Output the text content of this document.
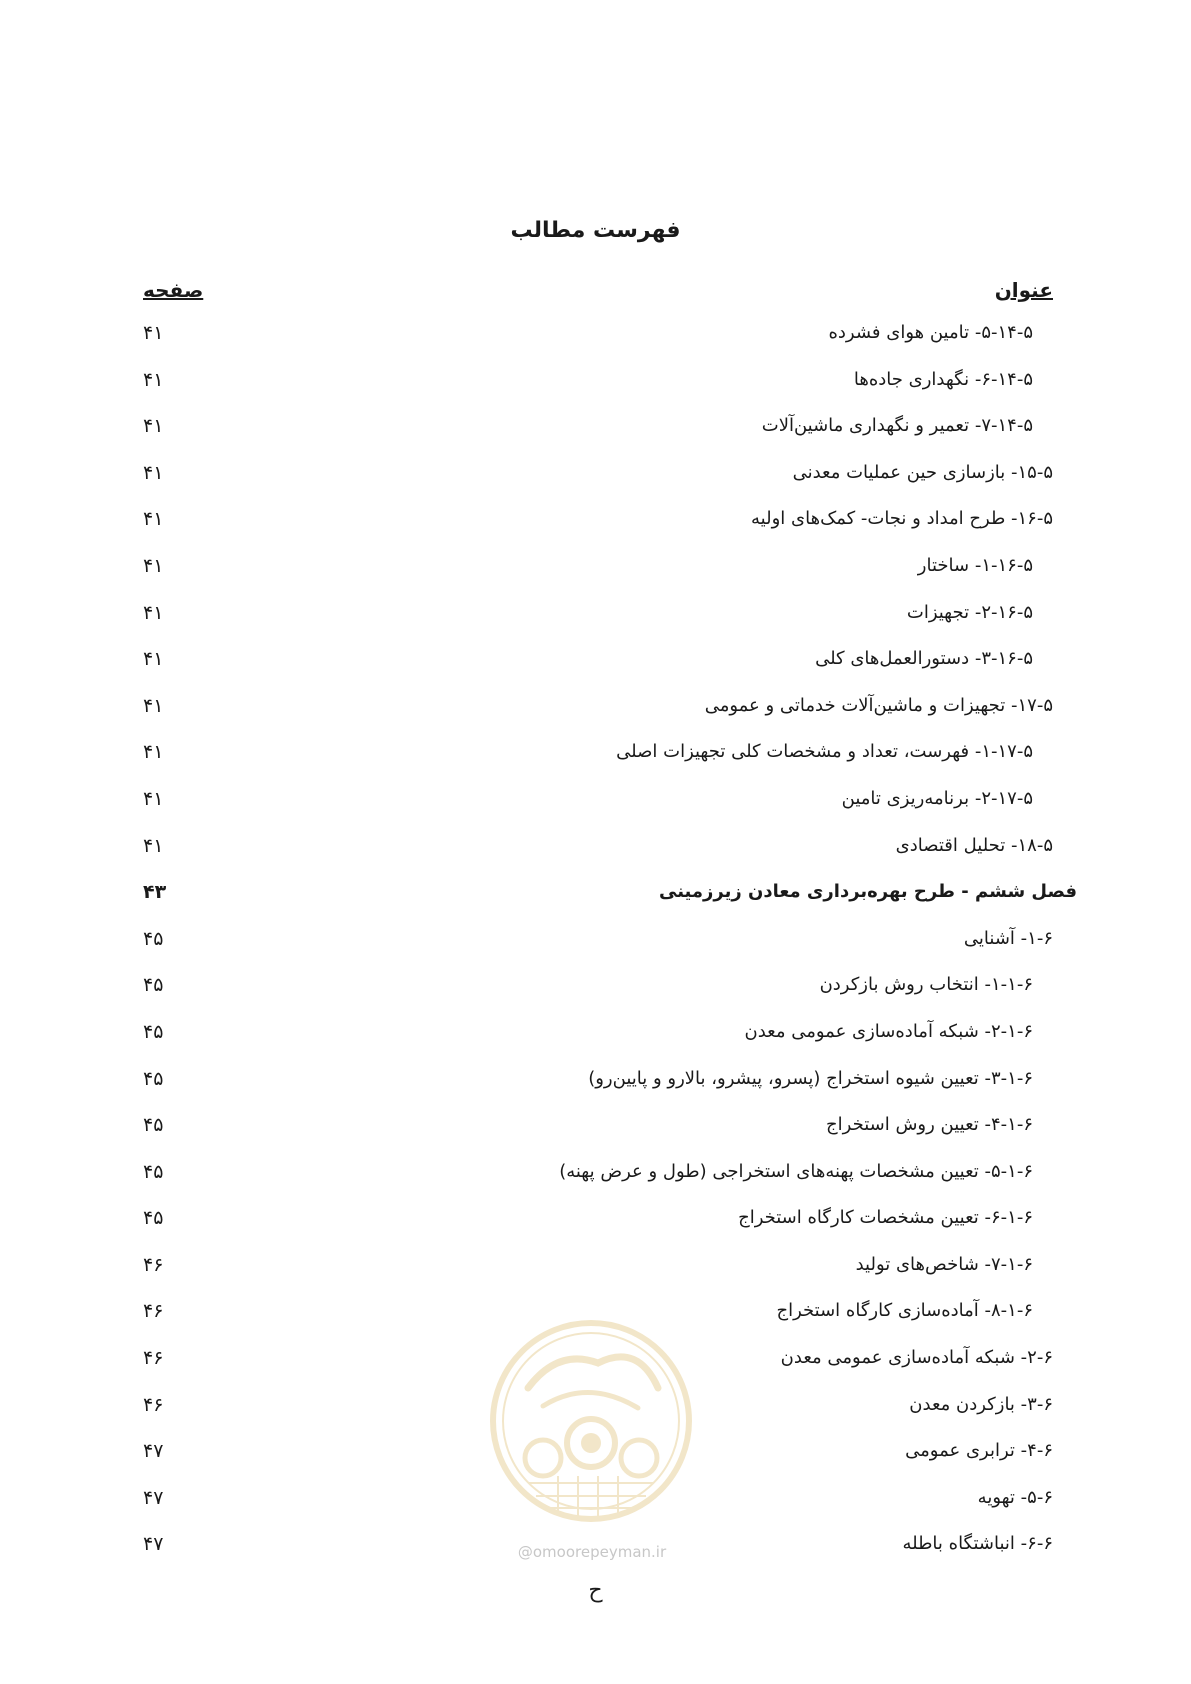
فهرست مطالب
عنوان
صفحه
۵-۱۴-۵- تامین هوای فشرده
۴۱
۶-۱۴-۵- نگهداری جاده‌ها
۴۱
۷-۱۴-۵- تعمیر و نگهداری ماشین‌آلات
۴۱
۱۵-۵- بازسازی حین عملیات معدنی
۴۱
۱۶-۵- طرح امداد و نجات- کمک‌های اولیه
۴۱
۱-۱۶-۵- ساختار
۴۱
۲-۱۶-۵- تجهیزات
۴۱
۳-۱۶-۵- دستورالعمل‌های کلی
۴۱
۱۷-۵- تجهیزات و ماشین‌آلات خدماتی و عمومی
۴۱
۱-۱۷-۵- فهرست، تعداد و مشخصات کلی تجهیزات اصلی
۴۱
۲-۱۷-۵- برنامه‌ریزی تامین
۴۱
۱۸-۵- تحلیل اقتصادی
۴۱
فصل ششم - طرح بهره‌برداری معادن زیرزمینی
۴۳
۱-۶- آشنایی
۴۵
۱-۱-۶- انتخاب روش بازکردن
۴۵
۲-۱-۶- شبکه آماده‌سازی عمومی معدن
۴۵
۳-۱-۶- تعیین شیوه استخراج (پسرو، پیشرو، بالارو و پایین‌رو)
۴۵
۴-۱-۶- تعیین روش استخراج
۴۵
۵-۱-۶- تعیین مشخصات پهنه‌های استخراجی (طول و عرض پهنه)
۴۵
۶-۱-۶- تعیین مشخصات کارگاه استخراج
۴۵
۷-۱-۶- شاخص‌های تولید
۴۶
۸-۱-۶- آماده‌سازی کارگاه استخراج
۴۶
۲-۶- شبکه آماده‌سازی عمومی معدن
۴۶
۳-۶- بازکردن معدن
۴۶
۴-۶- ترابری عمومی
۴۷
۵-۶- تهویه
۴۷
۶-۶- انباشتگاه باطله
۴۷	@omoorepeyman.ir
ح
